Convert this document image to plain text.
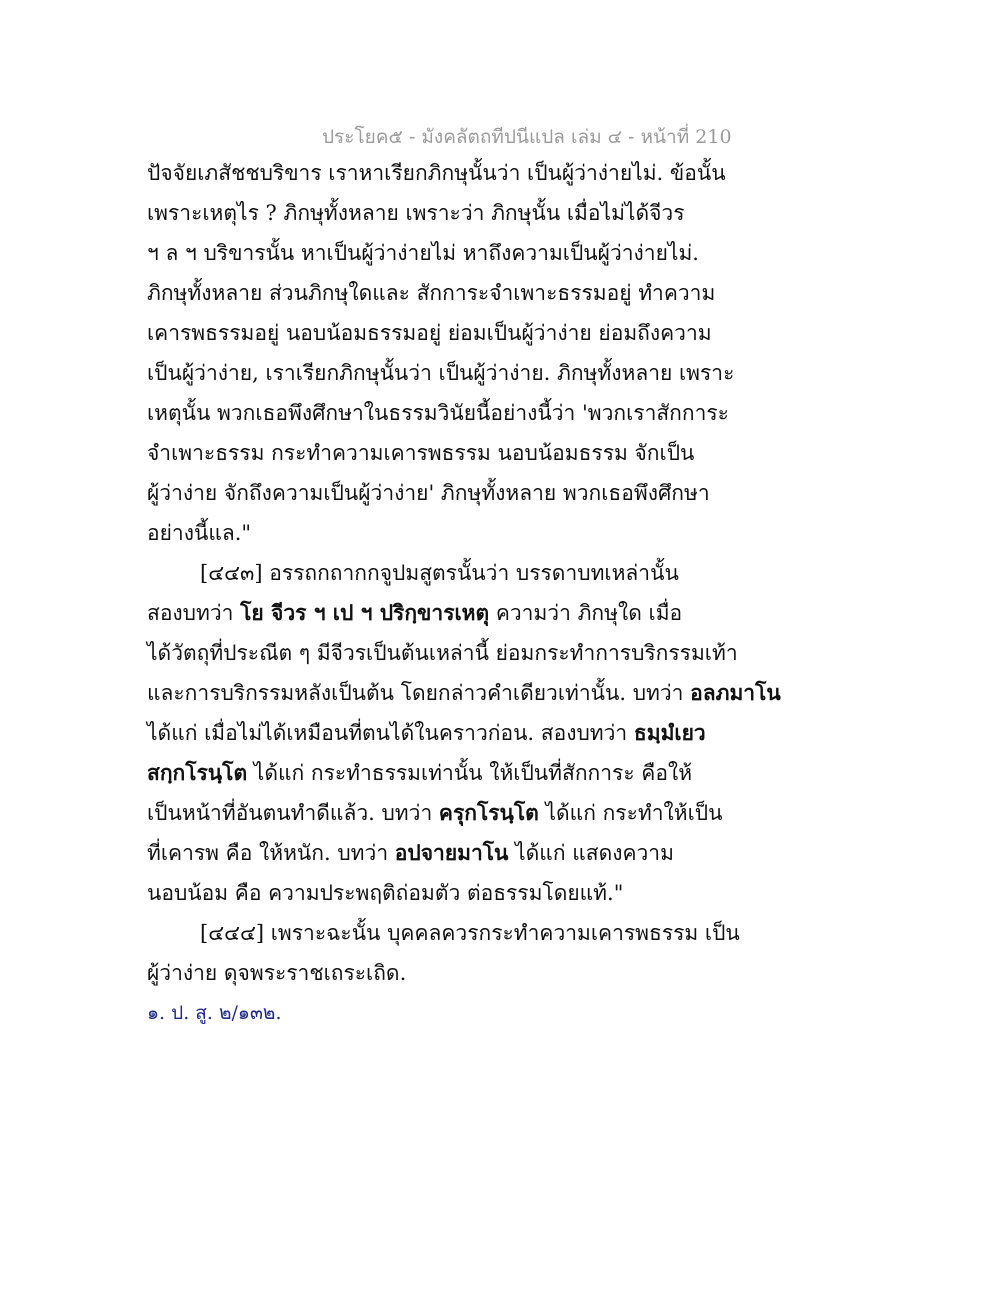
ประโยค๕ - มังคลัตถทีปนีแปล เล่ม ๔ - หน้าที่ 210
ปัจจัยเภสัชชบริขาร เราหาเรียกภิกษุนั้นว่า เป็นผู้ว่าง่ายไม่. ข้อนั้น
เพราะเหตุไร ? ภิกษุทั้งหลาย เพราะว่า ภิกษุนั้น เมื่อไม่ได้จีวร
ฯ ล ฯ บริขารนั้น หาเป็นผู้ว่าง่ายไม่ หาถึงความเป็นผู้ว่าง่ายไม่.
ภิกษุทั้งหลาย ส่วนภิกษุใดและ สักการะจำเพาะธรรมอยู่ ทำความ
เคารพธรรมอยู่ นอบน้อมธรรมอยู่ ย่อมเป็นผู้ว่าง่าย ย่อมถึงความ
เป็นผู้ว่าง่าย, เราเรียกภิกษุนั้นว่า เป็นผู้ว่าง่าย. ภิกษุทั้งหลาย เพราะ
เหตุนั้น พวกเธอพึงศึกษาในธรรมวินัยนี้อย่างนี้ว่า 'พวกเราสักการะ
จำเพาะธรรม กระทำความเคารพธรรม นอบน้อมธรรม จักเป็น
ผู้ว่าง่าย จักถึงความเป็นผู้ว่าง่าย' ภิกษุทั้งหลาย พวกเธอพึงศึกษา
อย่างนี้แล."
[๔๔๓] อรรถกถากกจูปมสูตรนั้นว่า บรรดาบทเหล่านั้น
สองบทว่า โย จีวร ฯ เป ฯ ปริกฺขารเหตุ ความว่า ภิกษุใด เมื่อ
ได้วัตถุที่ประณีต ๆ มีจีวรเป็นต้นเหล่านี้ ย่อมกระทำการบริกรรมเท้า
และการบริกรรมหลังเป็นต้น โดยกล่าวคำเดียวเท่านั้น. บทว่า อลภมาโน
ได้แก่ เมื่อไม่ได้เหมือนที่ตนได้ในคราวก่อน. สองบทว่า ธมฺมํเยว
สกฺกโรนฺโต ได้แก่ กระทำธรรมเท่านั้น ให้เป็นที่สักการะ คือให้
เป็นหน้าที่อันตนทำดีแล้ว. บทว่า ครุกโรนฺโต ได้แก่ กระทำให้เป็น
ที่เคารพ คือ ให้หนัก. บทว่า อปจายมาโน ได้แก่ แสดงความ
นอบน้อม คือ ความประพฤติถ่อมตัว ต่อธรรมโดยแท้."
[๔๔๔] เพราะฉะนั้น บุคคลควรกระทำความเคารพธรรม เป็น
ผู้ว่าง่าย ดุจพระราชเถระเถิด.
๑. ป. สู. ๒/๑๓๒.
